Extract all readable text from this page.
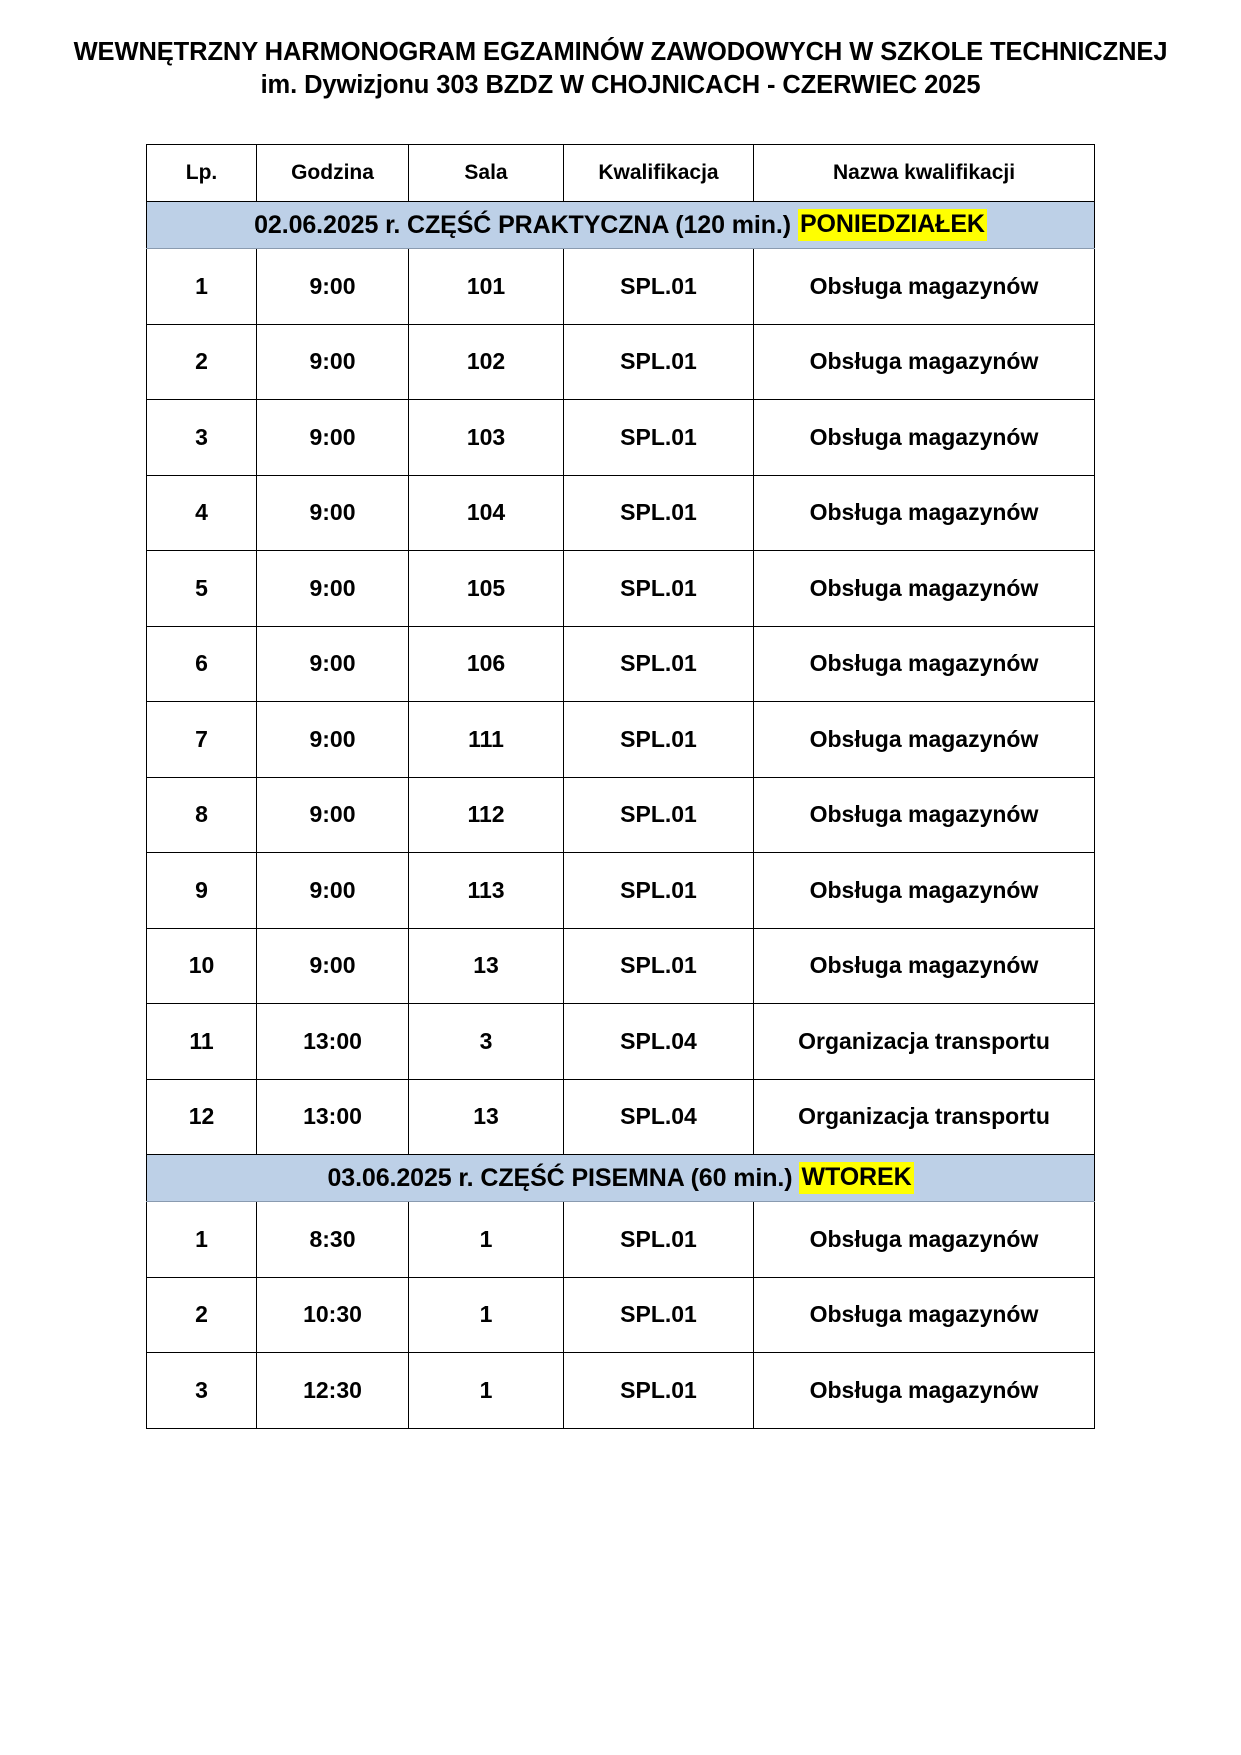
WEWNĘTRZNY HARMONOGRAM EGZAMINÓW ZAWODOWYCH W SZKOLE TECHNICZNEJ
im. Dywizjonu 303 BZDZ W CHOJNICACH - CZERWIEC 2025
Lp.	Godzina	Sala	Kwalifikacja	Nazwa kwalifikacji

02.06.2025 r. CZĘŚĆ PRAKTYCZNA (120 min.) PONIEDZIAŁEK				

1	9:00	101	SPL.01	Obsługa magazynów
2	9:00	102	SPL.01	Obsługa magazynów
3	9:00	103	SPL.01	Obsługa magazynów
4	9:00	104	SPL.01	Obsługa magazynów
5	9:00	105	SPL.01	Obsługa magazynów
6	9:00	106	SPL.01	Obsługa magazynów
7	9:00	111	SPL.01	Obsługa magazynów
8	9:00	112	SPL.01	Obsługa magazynów
9	9:00	113	SPL.01	Obsługa magazynów
10	9:00	13	SPL.01	Obsługa magazynów
11	13:00	3	SPL.04	Organizacja transportu
12	13:00	13	SPL.04	Organizacja transportu

03.06.2025 r. CZĘŚĆ PISEMNA (60 min.) WTOREK				

1	8:30	1	SPL.01	Obsługa magazynów
2	10:30	1	SPL.01	Obsługa magazynów
3	12:30	1	SPL.01	Obsługa magazynów
